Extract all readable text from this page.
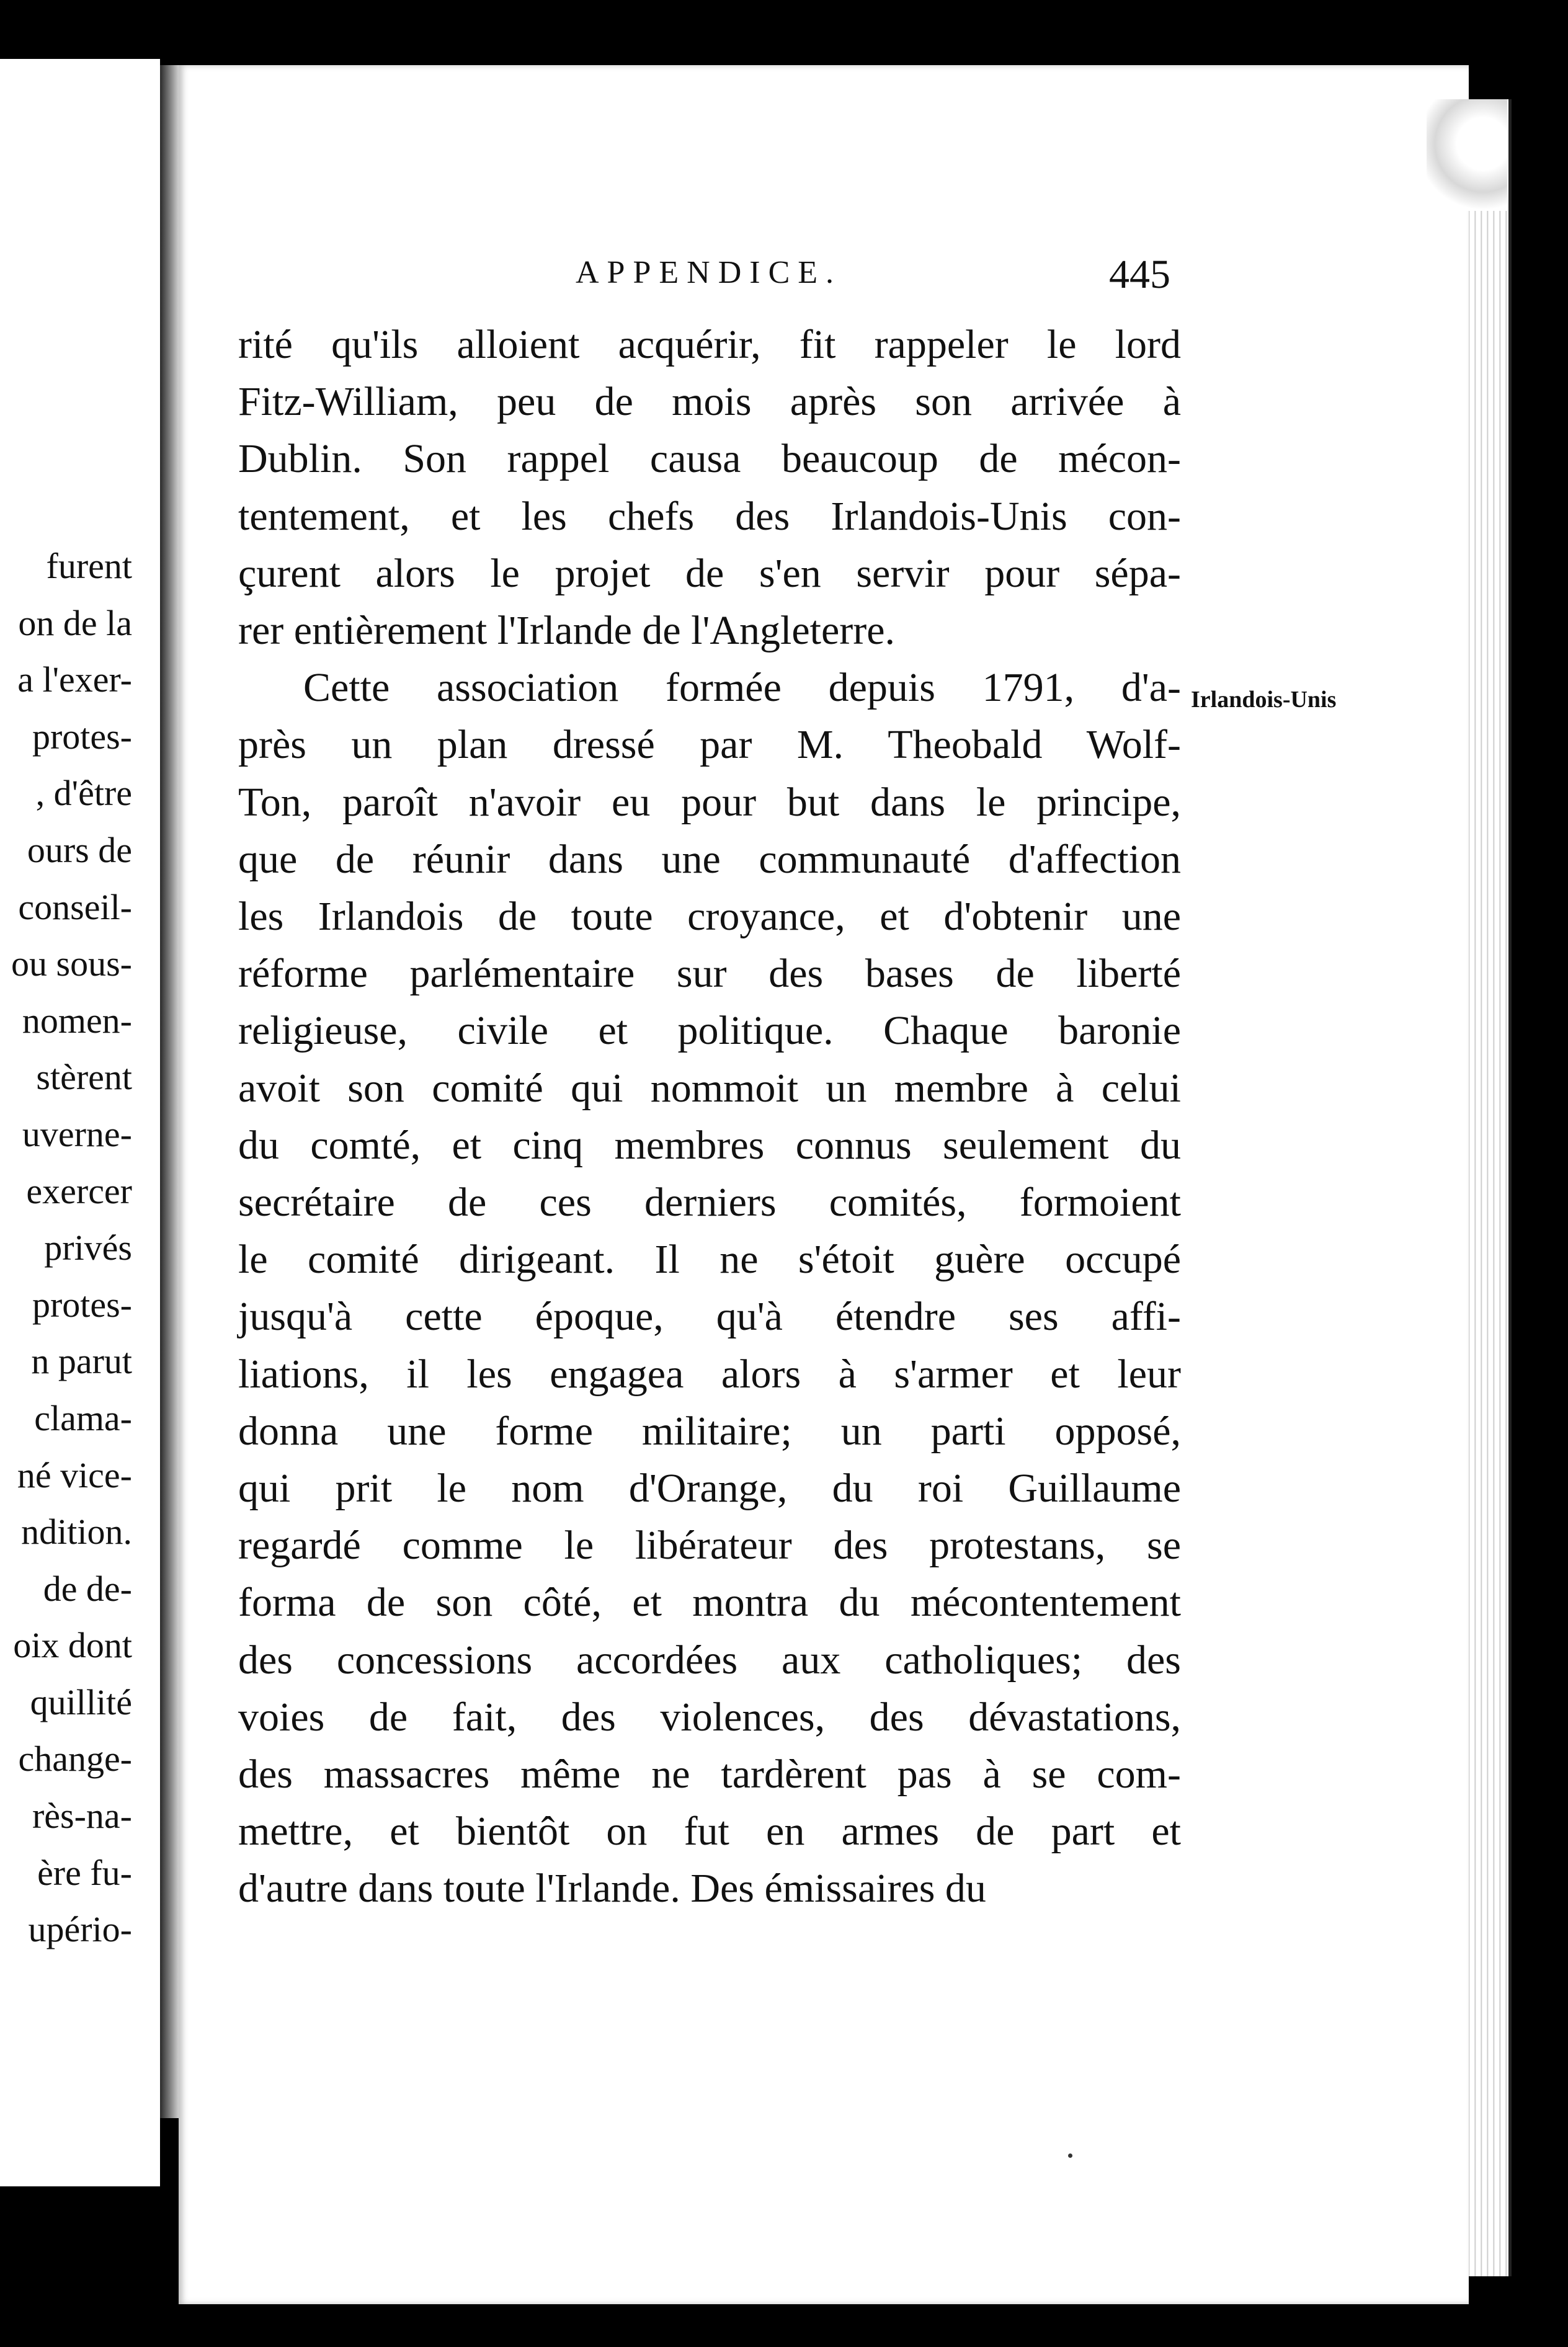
furent
on de la
a l'exer-
protes-
, d'être
ours de
conseil-
ou sous-
nomen-
stèrent
uverne-
exercer
privés
protes-
n parut
clama-
né vice-
ndition.
de de-
oix dont
quillité
change-
rès-na-
ère fu-
upério-
APPENDICE.	445
rité qu'ils alloient acquérir, fit rappeler le lord
Fitz-William, peu de mois après son arrivée à
Dublin. Son rappel causa beaucoup de mécon-
tentement, et les chefs des Irlandois-Unis con-
çurent alors le projet de s'en servir pour sépa-
rer entièrement l'Irlande de l'Angleterre.
Cette association formée depuis 1791, d'a-
près un plan dressé par M. Theobald Wolf-
Ton, paroît n'avoir eu pour but dans le principe,
que de réunir dans une communauté d'affection
les Irlandois de toute croyance, et d'obtenir une
réforme parlémentaire sur des bases de liberté
religieuse, civile et politique. Chaque baronie
avoit son comité qui nommoit un membre à celui
du comté, et cinq membres connus seulement du
secrétaire de ces derniers comités, formoient
le comité dirigeant. Il ne s'étoit guère occupé
jusqu'à cette époque, qu'à étendre ses affi-
liations, il les engagea alors à s'armer et leur
donna une forme militaire; un parti opposé,
qui prit le nom d'Orange, du roi Guillaume
regardé comme le libérateur des protestans, se
forma de son côté, et montra du mécontentement
des concessions accordées aux catholiques; des
voies de fait, des violences, des dévastations,
des massacres même ne tardèrent pas à se com-
mettre, et bientôt on fut en armes de part et
d'autre dans toute l'Irlande. Des émissaires du
Irlandois-Unis
